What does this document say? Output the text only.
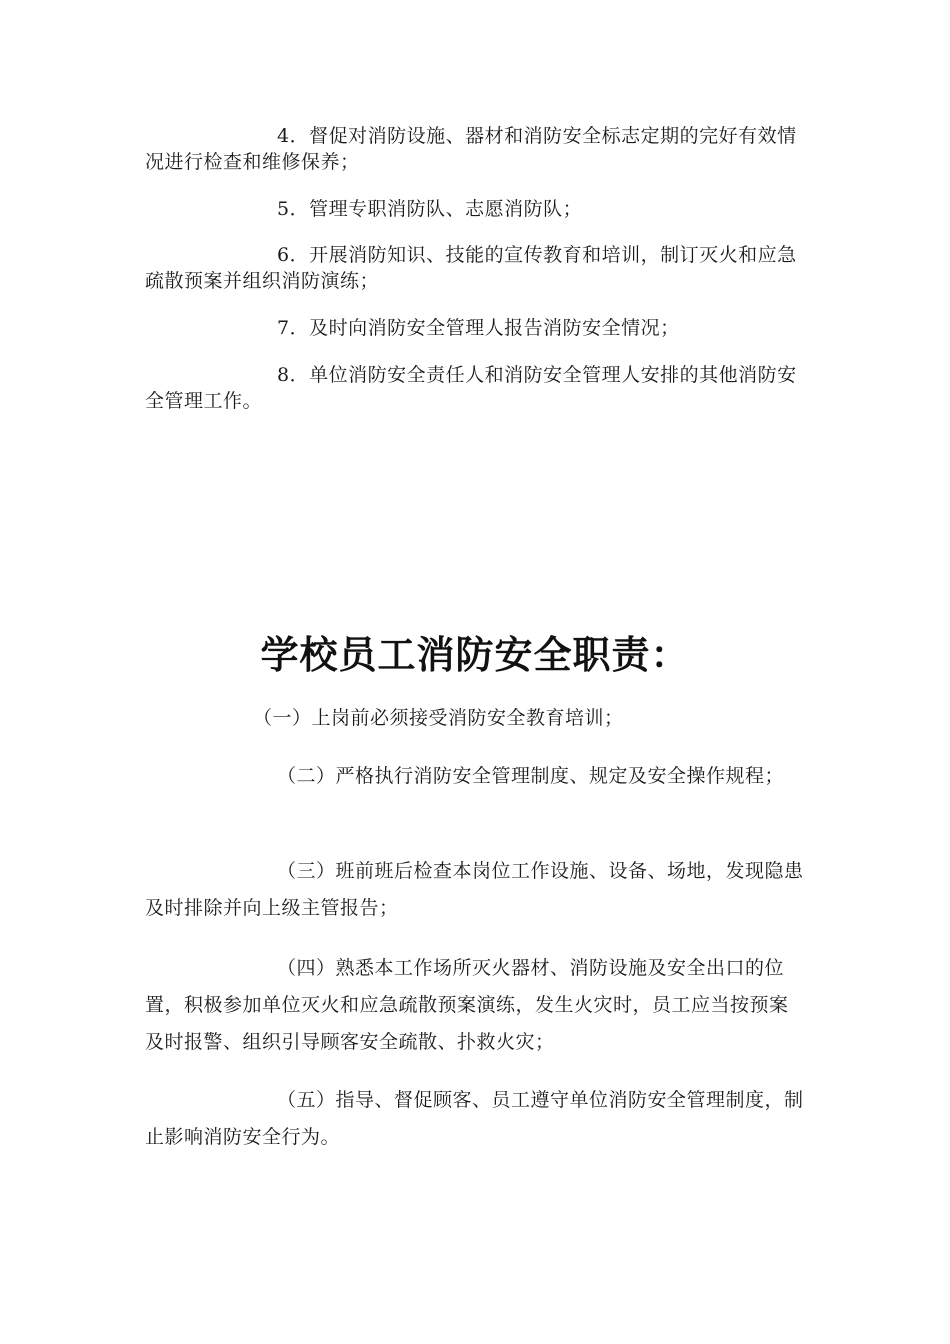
4．督促对消防设施、器材和消防安全标志定期的完好有效情况进行检查和维修保养；

5．管理专职消防队、志愿消防队；

6．开展消防知识、技能的宣传教育和培训，制订灭火和应急疏散预案并组织消防演练；

7．及时向消防安全管理人报告消防安全情况；

8．单位消防安全责任人和消防安全管理人安排的其他消防安全管理工作。

学校员工消防安全职责：

（一）上岗前必须接受消防安全教育培训；

（二）严格执行消防安全管理制度、规定及安全操作规程；

（三）班前班后检查本岗位工作设施、设备、场地，发现隐患及时排除并向上级主管报告；

（四）熟悉本工作场所灭火器材、消防设施及安全出口的位置，积极参加单位灭火和应急疏散预案演练，发生火灾时，员工应当按预案及时报警、组织引导顾客安全疏散、扑救火灾；

（五）指导、督促顾客、员工遵守单位消防安全管理制度，制止影响消防安全行为。
